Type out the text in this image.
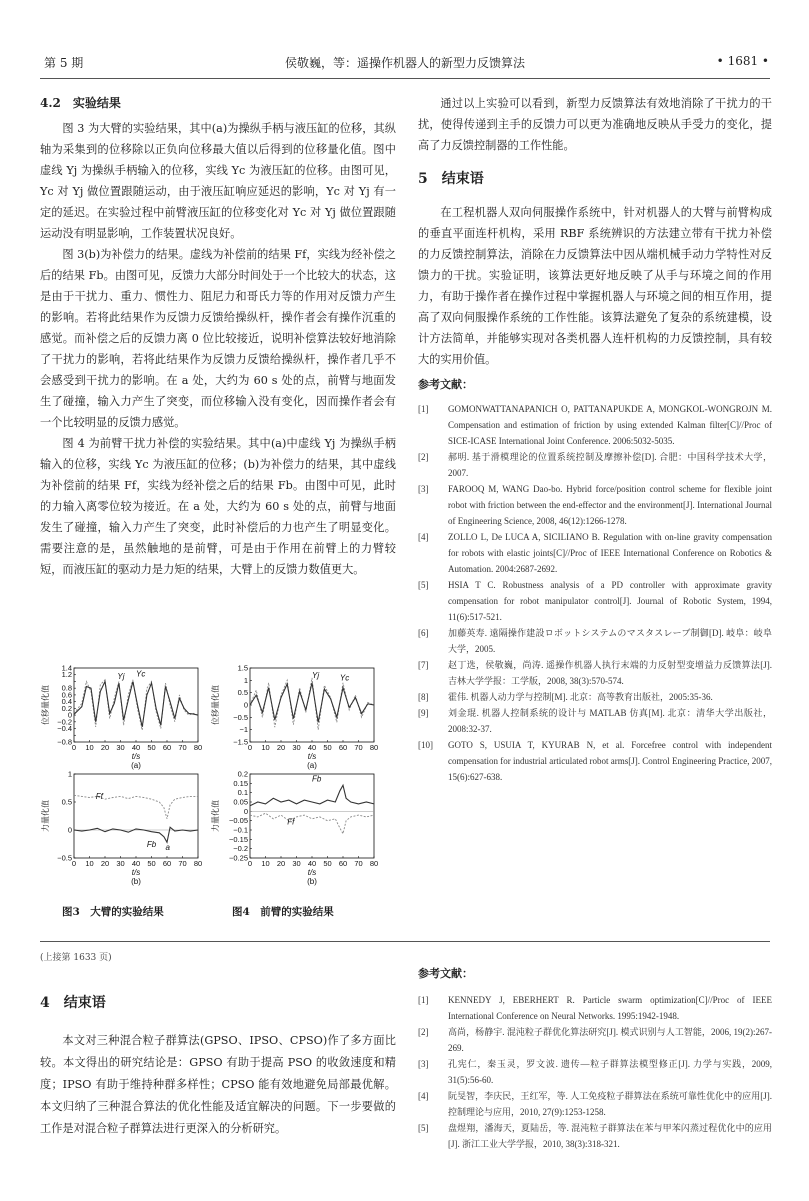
第 5 期	侯敬巍，等：遥操作机器人的新型力反馈算法	• 1681 •
4.2　实验结果

图 3 为大臂的实验结果，其中(a)为操纵手柄与液压缸的位移，其纵轴为采集到的位移除以正负向位移最大值以后得到的位移量化值。图中虚线 Yj 为操纵手柄输入的位移，实线 Yc 为液压缸的位移。由图可见，Yc 对 Yj 做位置跟随运动，由于液压缸响应延迟的影响，Yc 对 Yj 有一定的延迟。在实验过程中前臂液压缸的位移变化对 Yc 对 Yj 做位置跟随运动没有明显影响，工作装置状况良好。

图 3(b)为补偿力的结果。虚线为补偿前的结果 Ff，实线为经补偿之后的结果 Fb。由图可见，反馈力大部分时间处于一个比较大的状态，这是由于干扰力、重力、惯性力、阻尼力和哥氏力等的作用对反馈力产生的影响。若将此结果作为反馈力反馈给操纵杆，操作者会有操作沉重的感觉。而补偿之后的反馈力离 0 位比较接近，说明补偿算法较好地消除了干扰力的影响，若将此结果作为反馈力反馈给操纵杆，操作者几乎不会感受到干扰力的影响。在 a 处，大约为 60 s 处的点，前臂与地面发生了碰撞，输入力产生了突变，而位移输入没有变化，因而操作者会有一个比较明显的反馈力感觉。

图 4 为前臂干扰力补偿的实验结果。其中(a)中虚线 Yj 为操纵手柄输入的位移，实线 Yc 为液压缸的位移；(b)为补偿力的结果，其中虚线为补偿前的结果 Ff，实线为经补偿之后的结果 Fb。由图中可见，此时的力输入离零位较为接近。在 a 处，大约为 60 s 处的点，前臂与地面发生了碰撞，输入力产生了突变，此时补偿后的力也产生了明显变化。需要注意的是，虽然触地的是前臂，可是由于作用在前臂上的力臂较短，而液压缸的驱动力是力矩的结果，大臂上的反馈力数值更大。

0 10 20 30 40 50 60 70 80
−0.8
−0.4
−0.2
0
0.2
0.4
0.6
0.8
1.2
1.4
Yj Yc
t/s
(a)
位移量化值
0 10 20 30 40 50 60 70 80
−1.5
−1
−0.5
0
0.5
1
1.5
Yj	Yc
t/s
(a)
位移量化值
0 10 20 30 40 50 60 70 80
−0.5
0
0.5
1
Ff
Fb a
t/s
(b)
力量化值
0 10 20 30 40 50 60 70 80
−0.25
−0.2
−0.15
−0.1
−0.05
0
0.05
0.1
0.15
0.2
Fb
Ff
t/s
(b)
力量化值
图3　大臂的实验结果	图4　前臂的实验结果

通过以上实验可以看到，新型力反馈算法有效地消除了干扰力的干扰，使得传递到主手的反馈力可以更为准确地反映从手受力的变化，提高了力反馈控制器的工作性能。

5　结束语

在工程机器人双向伺服操作系统中，针对机器人的大臂与前臂构成的垂直平面连杆机构，采用 RBF 系统辨识的方法建立带有干扰力补偿的力反馈控制算法，消除在力反馈算法中因从端机械手动力学特性对反馈力的干扰。实验证明，该算法更好地反映了从手与环境之间的作用力，有助于操作者在操作过程中掌握机器人与环境之间的相互作用，提高了双向伺服操作系统的工作性能。该算法避免了复杂的系统建模，设计方法简单，并能够实现对各类机器人连杆机构的力反馈控制，具有较大的实用价值。

参考文献：
[1] GOMONWATTANAPANICH O, PATTANAPUKDE A, MONGKOL-WONGROJN M. Compensation and estimation of friction by using extended Kalman filter[C]//Proc of SICE-ICASE International Joint Conference. 2006:5032-5035.
[2] 郝明. 基于滑模理论的位置系统控制及摩擦补偿[D]. 合肥：中国科学技术大学，2007.
[3] FAROOQ M, WANG Dao-bo. Hybrid force/position control scheme for flexible joint robot with friction between the end-effector and the environment[J]. International Journal of Engineering Science, 2008, 46(12):1266-1278.
[4] ZOLLO L, De LUCA A, SICILIANO B. Regulation with on-line gravity compensation for robots with elastic joints[C]//Proc of IEEE International Conference on Robotics & Automation. 2004:2687-2692.
[5] HSIA T C. Robustness analysis of a PD controller with approximate gravity compensation for robot manipulator control[J]. Journal of Robotic System, 1994, 11(6):517-521.
[6] 加藤英寿. 遠隔操作建設ロボットシステムのマスタスレーブ制御[D]. 岐阜：岐阜大学，2005.
[7] 赵丁选，侯敬巍，尚涛. 遥操作机器人执行末端的力反射型变增益力反馈算法[J]. 吉林大学学报：工学版，2008, 38(3):570-574.
[8] 霍伟. 机器人动力学与控制[M]. 北京：高等教育出版社，2005:35-36.
[9] 刘金琨. 机器人控制系统的设计与 MATLAB 仿真[M]. 北京：清华大学出版社，2008:32-37.
[10] GOTO S, USUIA T, KYURAB N, et al. Forcefree control with independent compensation for industrial articulated robot arms[J]. Control Engineering Practice, 2007, 15(6):627-638.
(上接第 1633 页)
4　结束语

本文对三种混合粒子群算法(GPSO、IPSO、CPSO)作了多方面比较。本文得出的研究结论是：GPSO 有助于提高 PSO 的收敛速度和精度；IPSO 有助于维持种群多样性；CPSO 能有效地避免局部最优解。本文归纳了三种混合算法的优化性能及适宜解决的问题。下一步要做的工作是对混合粒子群算法进行更深入的分析研究。

参考文献：
[1] KENNEDY J, EBERHERT R. Particle swarm optimization[C]//Proc of IEEE International Conference on Neural Networks. 1995:1942-1948.
[2] 高尚，杨静宇. 混沌粒子群优化算法研究[J]. 模式识别与人工智能，2006, 19(2):267-269.
[3] 孔宪仁，秦玉灵，罗文波. 遗传—粒子群算法模型修正[J]. 力学与实践，2009, 31(5):56-60.
[4] 阮旻智，李庆民，王红军，等. 人工免疫粒子群算法在系统可靠性优化中的应用[J]. 控制理论与应用，2010, 27(9):1253-1258.
[5] 盘煜翔，潘海天，夏陆岳，等. 混沌粒子群算法在苯与甲苯闪蒸过程优化中的应用[J]. 浙江工业大学学报，2010, 38(3):318-321.
